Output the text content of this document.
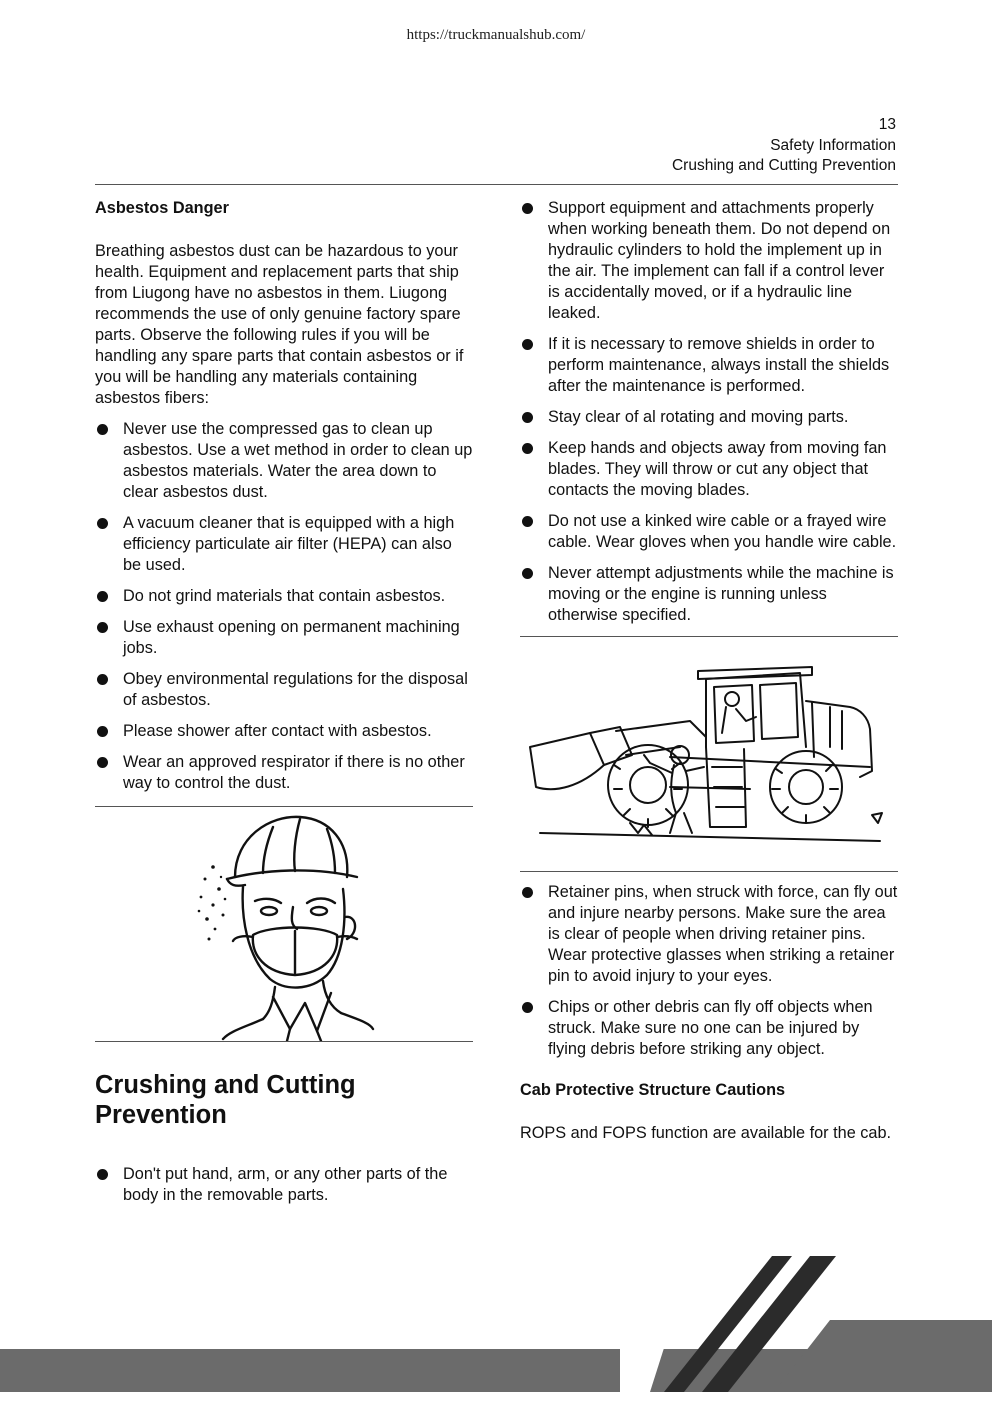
https://truckmanualshub.com/
13
Safety Information
Crushing and Cutting Prevention
Asbestos Danger

Breathing asbestos dust can be hazardous to your health. Equipment and replacement parts that ship from Liugong have no asbestos in them. Liugong recommends the use of only genuine factory spare parts. Observe the following rules if you will be handling any spare parts that contain asbestos or if you will be handling any materials containing asbestos fibers:

Never use the compressed gas to clean up asbestos. Use a wet method in order to clean up asbestos materials. Water the area down to clear asbestos dust.
A vacuum cleaner that is equipped with a high efficiency particulate air filter (HEPA) can also be used.
Do not grind materials that contain asbestos.
Use exhaust opening on permanent machining jobs.
Obey environmental regulations for the disposal of asbestos.
Please shower after contact with asbestos.
Wear an approved respirator if there is no other way to control the dust.
Crushing and Cutting Prevention
Don't put hand, arm, or any other parts of the body in the removable parts.
Support equipment and attachments properly when working beneath them. Do not depend on hydraulic cylinders to hold the implement up in the air. The implement can fall if a control lever is accidentally moved, or if a hydraulic line leaked.
If it is necessary to remove shields in order to perform maintenance, always install the shields after the maintenance is performed.
Stay clear of al rotating and moving parts.
Keep hands and objects away from moving fan blades. They will throw or cut any object that contacts the moving blades.
Do not use a kinked wire cable or a frayed wire cable. Wear gloves when you handle wire cable.
Never attempt adjustments while the machine is moving or the engine is running unless otherwise specified.
Retainer pins, when struck with force, can fly out and injure nearby persons. Make sure the area is clear of people when driving retainer pins. Wear protective glasses when striking a retainer pin to avoid injury to your eyes.
Chips or other debris can fly off objects when struck. Make sure no one can be injured by flying debris before striking any object.
Cab Protective Structure Cautions

ROPS and FOPS function are available for the cab.
